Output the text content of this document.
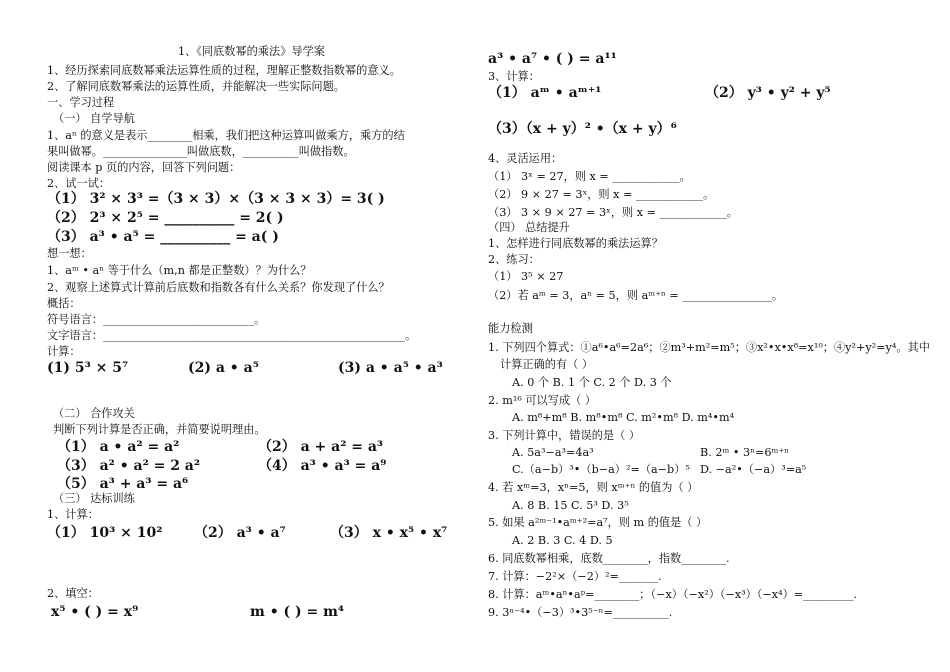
1、《同底数幂的乘法》导学案
1、经历探索同底数幂乘法运算性质的过程，理解正整数指数幂的意义。
2、了解同底数幂乘法的运算性质，并能解决一些实际问题。
一、学习过程
（一） 自学导航
1、aⁿ 的意义是表示________相乘，我们把这种运算叫做乘方，乘方的结
果叫做幂。_______________叫做底数，__________叫做指数。
阅读课本 p 页的内容，回答下列问题：
2、试一试：
（1） 3² × 3³ =（3 × 3）×（3 × 3 × 3）= 3( )
（2） 2³ × 2⁵ = __________ = 2( )
（3） a³ • a⁵ = __________ = a( )
想一想：
1、aᵐ • aⁿ 等于什么（m,n 都是正整数）？为什么？
2、观察上述算式计算前后底数和指数各有什么关系？你发现了什么？
概括：
符号语言：___________________________。
文字语言：______________________________________________________。
计算：
(1) 5³ × 5⁷	(2) a • a⁵	(3) a • a⁵ • a³
（二） 合作攻关
判断下列计算是否正确，并简要说明理由。
（1） a • a² = a²	（2） a + a² = a³
（3） a² • a² = 2 a²	（4） a³ • a³ = a⁹
（5） a³ + a³ = a⁶
（三） 达标训练
1、计算：
（1） 10³ × 10² （2） a³ • a⁷	（3） x • x⁵ • x⁷
2、填空：
x⁵ • ( ) = x⁹	m • ( ) = m⁴
a³ • a⁷ • ( ) = a¹¹
3、计算：
（1） aᵐ • aᵐ⁺¹	（2） y³ • y² + y⁵
（3）（x + y）² •（x + y）⁶
4、灵活运用：
（1） 3ˣ = 27，则 x = ____________。
（2） 9 × 27 = 3ˣ，则 x = ____________。
（3） 3 × 9 × 27 = 3ˣ，则 x = ____________。
（四） 总结提升
1、怎样进行同底数幂的乘法运算？
2、练习：
（1） 3⁵ × 27
（2）若 aᵐ = 3，aⁿ = 5，则 aᵐ⁺ⁿ = ________________。
能力检测
1. 下列四个算式：①a⁶•a⁶=2a⁶；②m³+m²=m⁵；③x²•x•x⁸=x¹⁰；④y²+y²=y⁴。其中
计算正确的有（ ）
A. 0 个 B. 1 个 C. 2 个 D. 3 个
2. m¹⁶ 可以写成（ ）
A. m⁸+m⁸ B. m⁸•m⁸ C. m²•m⁸ D. m⁴•m⁴
3. 下列计算中，错误的是（ ）
A. 5a³−a³=4a³	B. 2ᵐ • 3ⁿ=6ᵐ⁺ⁿ
C.（a−b）³•（b−a）²=（a−b）⁵ D. −a²•（−a）³=a⁵
4. 若 xᵐ=3，xⁿ=5，则 xᵐ⁺ⁿ 的值为（ ）
A. 8 B. 15 C. 5³ D. 3⁵
5. 如果 a²ᵐ⁻¹•aᵐ⁺²=a⁷，则 m 的值是（ ）
A. 2 B. 3 C. 4 D. 5
6. 同底数幂相乘，底数________，指数________.
7. 计算：−2²×（−2）²=_______.
8. 计算：aᵐ•aⁿ•aᵖ=________；（−x）（−x²）（−x³）（−x⁴）=_________.
9. 3ⁿ⁻⁴•（−3）³•3⁵⁻ⁿ=__________.
